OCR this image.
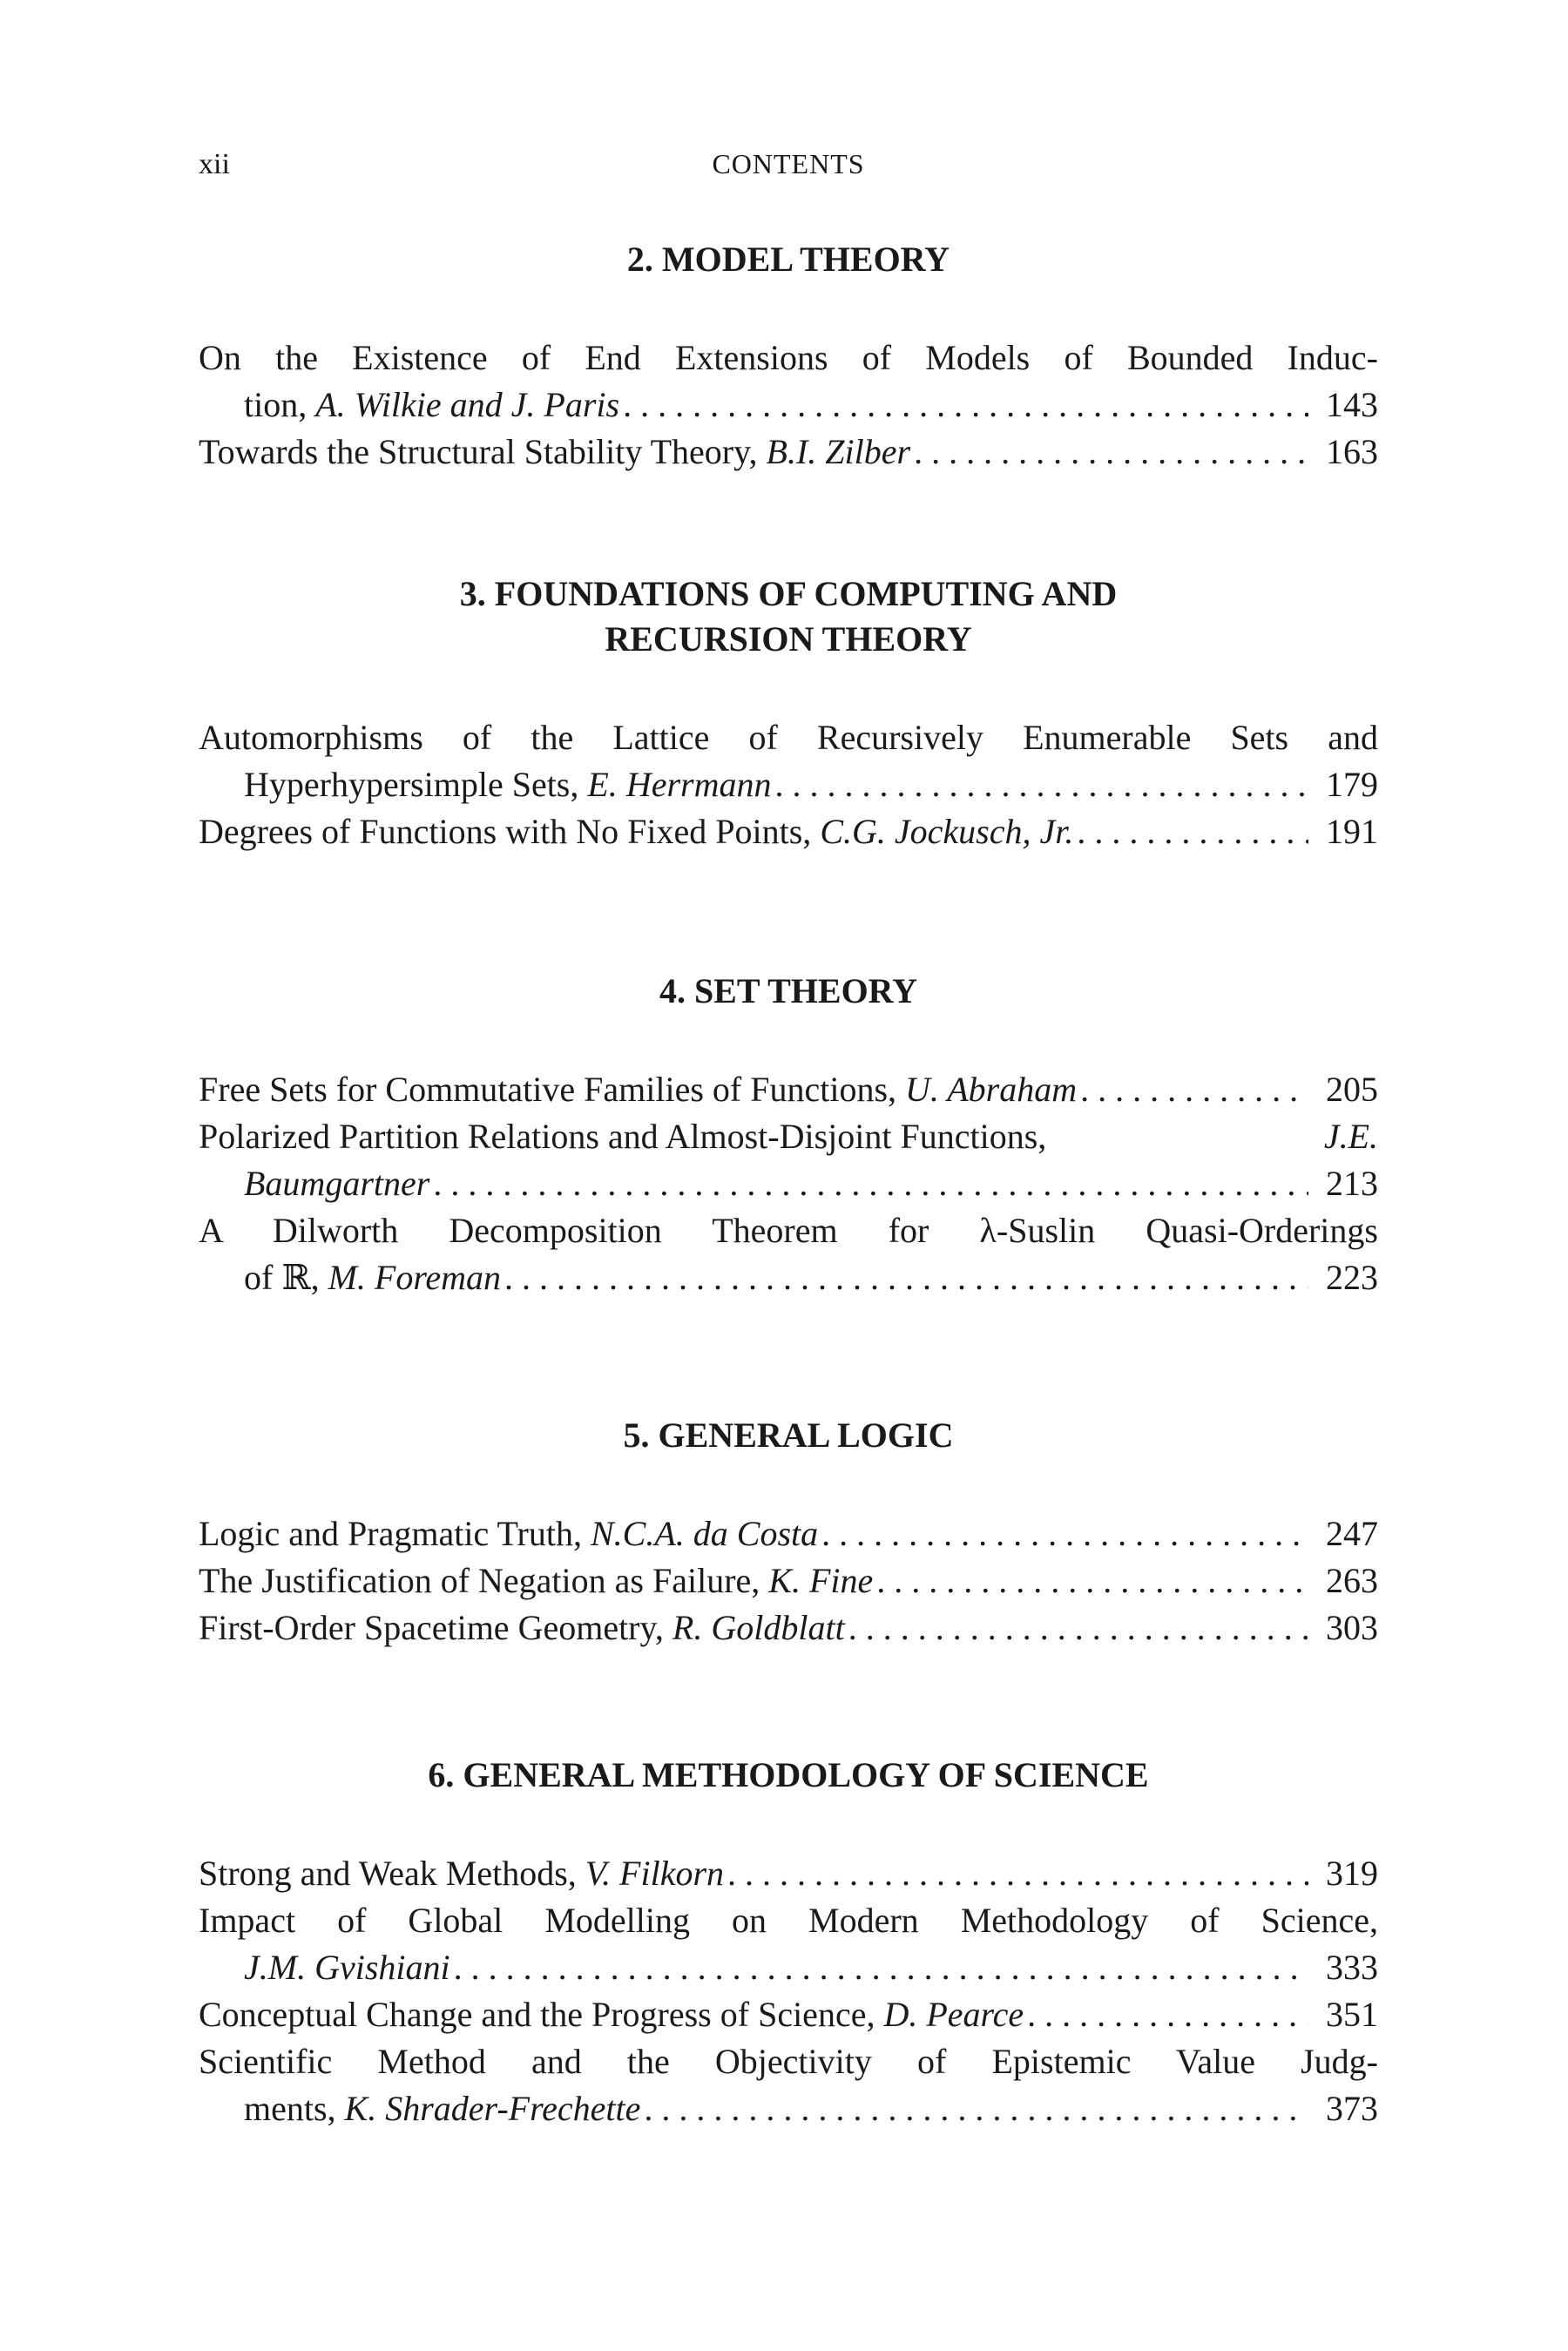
xii	CONTENTS
2. MODEL THEORY
On the Existence of End Extensions of Models of Bounded Induc-
tion,
A. Wilkie and J. Paris . . .	143
Towards the Structural Stability Theory,
B.I. Zilber . . .	163
3. FOUNDATIONS OF COMPUTING AND
RECURSION THEORY
Automorphisms of the Lattice of Recursively Enumerable Sets and
Hyperhypersimple Sets,
E. Herrmann . . .	179
Degrees of Functions with No Fixed Points,
C.G. Jockusch, Jr. . . .	191
4. SET THEORY
Free Sets for Commutative Families of Functions,
U. Abraham . . .	205
Polarized Partition Relations and Almost-Disjoint Functions,	J.E.
Baumgartner . . .	213
A Dilworth Decomposition Theorem for λ-Suslin Quasi-Orderings
of ℝ,
M. Foreman . . .	223
5. GENERAL LOGIC
Logic and Pragmatic Truth,
N.C.A. da Costa . . .	247
The Justification of Negation as Failure,
K. Fine . . .	263
First-Order Spacetime Geometry,
R. Goldblatt . . .	303
6. GENERAL METHODOLOGY OF SCIENCE
Strong and Weak Methods,
V. Filkorn . . .	319
Impact of Global Modelling on Modern Methodology of Science,
J.M. Gvishiani . . .	333
Conceptual Change and the Progress of Science,
D. Pearce . . .	351
Scientific Method and the Objectivity of Epistemic Value Judg-
ments,
K. Shrader-Frechette . . .	373
